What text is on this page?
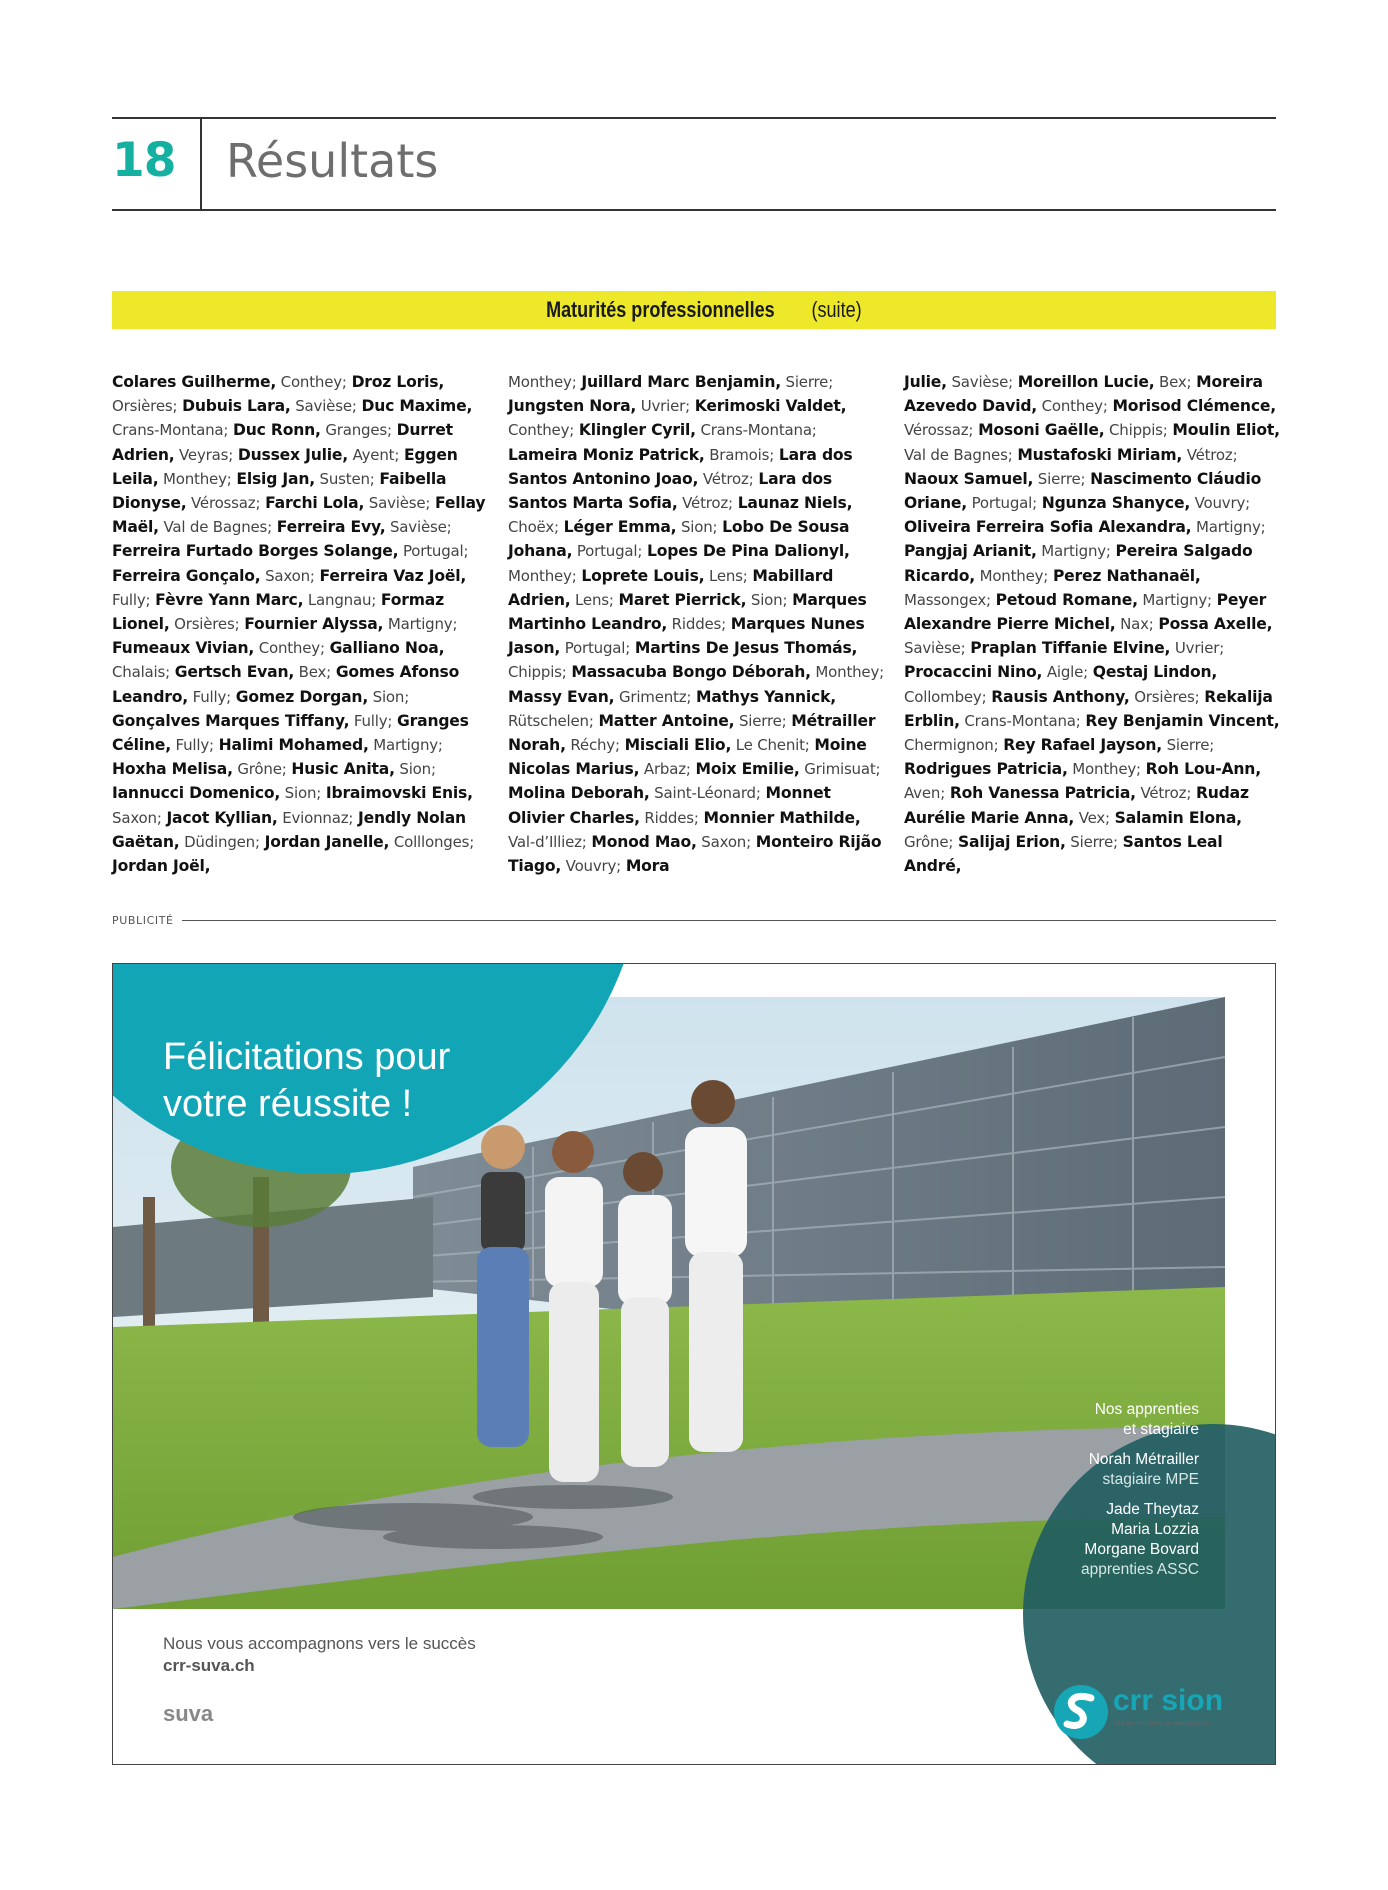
18 Résultats
Maturités professionnelles (suite)
Colares Guilherme, Conthey; Droz Loris, Orsières; Dubuis Lara, Savièse; Duc Maxime, Crans-Montana; Duc Ronn, Granges; Durret Adrien, Veyras; Dussex Julie, Ayent; Eggen Leila, Monthey; Elsig Jan, Susten; Faibella Dionyse, Vérossaz; Farchi Lola, Savièse; Fellay Maël, Val de Bagnes; Ferreira Evy, Savièse; Ferreira Furtado Borges Solange, Portugal; Ferreira Gonçalo, Saxon; Ferreira Vaz Joël, Fully; Fèvre Yann Marc, Langnau; Formaz Lionel, Orsières; Fournier Alyssa, Martigny; Fumeaux Vivian, Conthey; Galliano Noa, Chalais; Gertsch Evan, Bex; Gomes Afonso Leandro, Fully; Gomez Dorgan, Sion; Gonçalves Marques Tiffany, Fully; Granges Céline, Fully; Halimi Mohamed, Martigny; Hoxha Melisa, Grône; Husic Anita, Sion; Iannucci Domenico, Sion; Ibraimovski Enis, Saxon; Jacot Kyllian, Evionnaz; Jendly Nolan Gaëtan, Düdingen; Jordan Janelle, Colllonges; Jordan Joël,
Monthey; Juillard Marc Benjamin, Sierre; Jungsten Nora, Uvrier; Kerimoski Valdet, Conthey; Klingler Cyril, Crans-Montana; Lameira Moniz Patrick, Bramois; Lara dos Santos Antonino Joao, Vétroz; Lara dos Santos Marta Sofia, Vétroz; Launaz Niels, Choëx; Léger Emma, Sion; Lobo De Sousa Johana, Portugal; Lopes De Pina Dalionyl, Monthey; Loprete Louis, Lens; Mabillard Adrien, Lens; Maret Pierrick, Sion; Marques Martinho Leandro, Riddes; Marques Nunes Jason, Portugal; Martins De Jesus Thomás, Chippis; Massacuba Bongo Déborah, Monthey; Massy Evan, Grimentz; Mathys Yannick, Rütschelen; Matter Antoine, Sierre; Métrailler Norah, Réchy; Misciali Elio, Le Chenit; Moine Nicolas Marius, Arbaz; Moix Emilie, Grimisuat; Molina Deborah, Saint-Léonard; Monnet Olivier Charles, Riddes; Monnier Mathilde, Val-d’Illiez; Monod Mao, Saxon; Monteiro Rijão Tiago, Vouvry; Mora
Julie, Savièse; Moreillon Lucie, Bex; Moreira Azevedo David, Conthey; Morisod Clémence, Vérossaz; Mosoni Gaëlle, Chippis; Moulin Eliot, Val de Bagnes; Mustafoski Miriam, Vétroz; Naoux Samuel, Sierre; Nascimento Cláudio Oriane, Portugal; Ngunza Shanyce, Vouvry; Oliveira Ferreira Sofia Alexandra, Martigny; Pangjaj Arianit, Martigny; Pereira Salgado Ricardo, Monthey; Perez Nathanaël, Massongex; Petoud Romane, Martigny; Peyer Alexandre Pierre Michel, Nax; Possa Axelle, Savièse; Praplan Tiffanie Elvine, Uvrier; Procaccini Nino, Aigle; Qestaj Lindon, Collombey; Rausis Anthony, Orsières; Rekalija Erblin, Crans-Montana; Rey Benjamin Vincent, Chermignon; Rey Rafael Jayson, Sierre; Rodrigues Patricia, Monthey; Roh Lou-Ann, Aven; Roh Vanessa Patricia, Vétroz; Rudaz Aurélie Marie Anna, Vex; Salamin Elona, Grône; Salijaj Erion, Sierre; Santos Leal André,
PUBLICITÉ
Félicitations pour
votre réussite !
Nos apprenties
et stagiaire
Norah Métrailler
stagiaire MPE
Jade Theytaz
Maria Lozzia
Morgane Bovard
apprenties ASSC
Nous vous accompagnons vers le succès
crr-suva.ch
suva	crr sion
clinique romande de réadaptation
